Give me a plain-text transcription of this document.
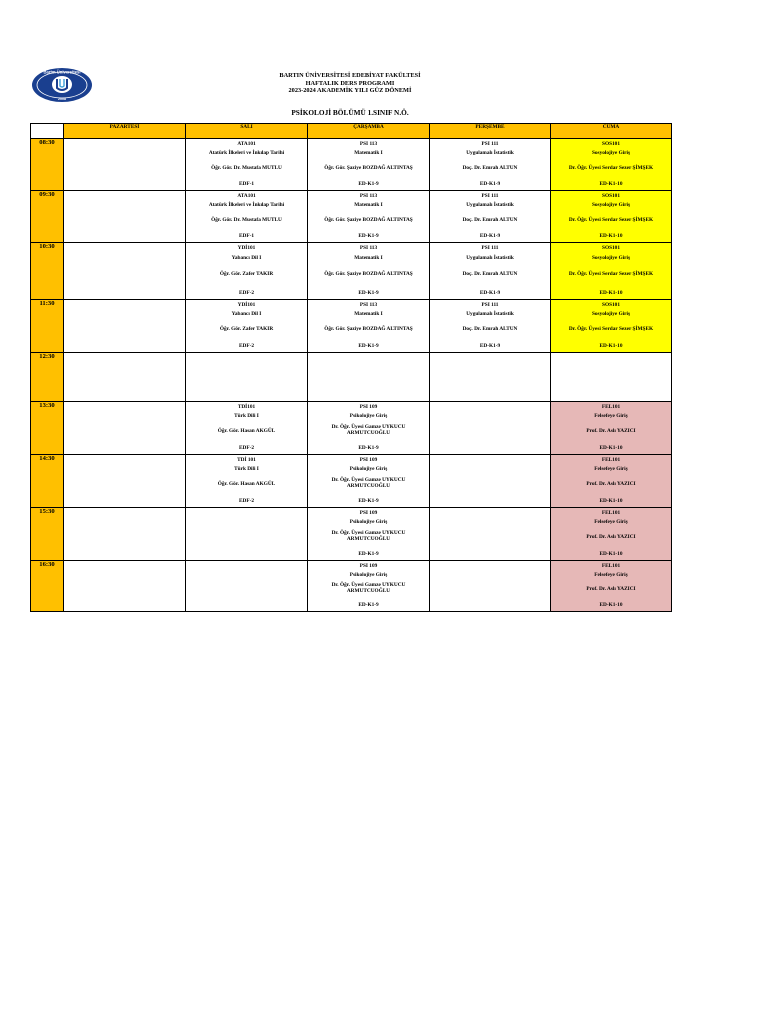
Bartın Üniversitesi
2008
BARTIN ÜNİVERSİTESİ EDEBİYAT FAKÜLTESİ
HAFTALIK DERS PROGRAMI
2023-2024 AKADEMİK YILI GÜZ DÖNEMİ
PSİKOLOJİ BÖLÜMÜ 1.SINIF N.Ö.
	PAZARTESİ	SALI	ÇARŞAMBA	PERŞEMBE	CUMA
08:30		ATA101
Atatürk İlkeleri ve İnkılap Tarihi
Öğr. Gör. Dr. Mustafa MUTLU
EDF-1	PSI 113
Matematik I
Öğr. Gör. Şaziye BOZDAĞ ALTINTAŞ
ED-K1-9	PSI 111
Uygulamalı İstatistik
Doç. Dr. Emrah ALTUN
ED-K1-9	SOS101
Sosyolojiye Giriş
Dr. Öğr. Üyesi Serdar Sezer ŞİMŞEK
ED-K1-10

09:30		ATA101
Atatürk İlkeleri ve İnkılap Tarihi
Öğr. Gör. Dr. Mustafa MUTLU
EDF-1	PSI 113
Matematik I
Öğr. Gör. Şaziye BOZDAĞ ALTINTAŞ
ED-K1-9	PSI 111
Uygulamalı İstatistik
Doç. Dr. Emrah ALTUN
ED-K1-9	SOS101
Sosyolojiye Giriş
Dr. Öğr. Üyesi Serdar Sezer ŞİMŞEK
ED-K1-10

10:30		YDİ101
Yabancı Dil I
Öğr. Gör. Zafer TAKIR
EDF-2	PSI 113
Matematik I
Öğr. Gör. Şaziye BOZDAĞ ALTINTAŞ
ED-K1-9	PSI 111
Uygulamalı İstatistik
Doç. Dr. Emrah ALTUN
ED-K1-9	SOS101
Sosyolojiye Giriş
Dr. Öğr. Üyesi Serdar Sezer ŞİMŞEK
ED-K1-10

11:30		YDİ101
Yabancı Dil I
Öğr. Gör. Zafer TAKIR
EDF-2	PSI 113
Matematik I
Öğr. Gör. Şaziye BOZDAĞ ALTINTAŞ
ED-K1-9	PSI 111
Uygulamalı İstatistik
Doç. Dr. Emrah ALTUN
ED-K1-9	SOS101
Sosyolojiye Giriş
Dr. Öğr. Üyesi Serdar Sezer ŞİMŞEK
ED-K1-10

12:30					
13:30		TDİ101
Türk Dili I
Öğr. Gör. Hasan AKGÜL
EDF-2	PSI 109
Psikolojiye Giriş
Dr. Öğr. Üyesi Gamze UYKUCU ARMUTCUOĞLU
ED-K1-9		FEL101
Felsefeye Giriş
Prof. Dr. Aslı YAZICI
ED-K1-10

14:30		TDİ 101
Türk Dili I
Öğr. Gör. Hasan AKGÜL
EDF-2	PSI 109
Psikolojiye Giriş
Dr. Öğr. Üyesi Gamze UYKUCU ARMUTCUOĞLU
ED-K1-9		FEL101
Felsefeye Giriş
Prof. Dr. Aslı YAZICI
ED-K1-10

15:30			PSI 109
Psikolojiye Giriş
Dr. Öğr. Üyesi Gamze UYKUCU ARMUTCUOĞLU
ED-K1-9		FEL101
Felsefeye Giriş
Prof. Dr. Aslı YAZICI
ED-K1-10

16:30			PSI 109
Psikolojiye Giriş
Dr. Öğr. Üyesi Gamze UYKUCU ARMUTCUOĞLU
ED-K1-9		FEL101
Felsefeye Giriş
Prof. Dr. Aslı YAZICI
ED-K1-10
